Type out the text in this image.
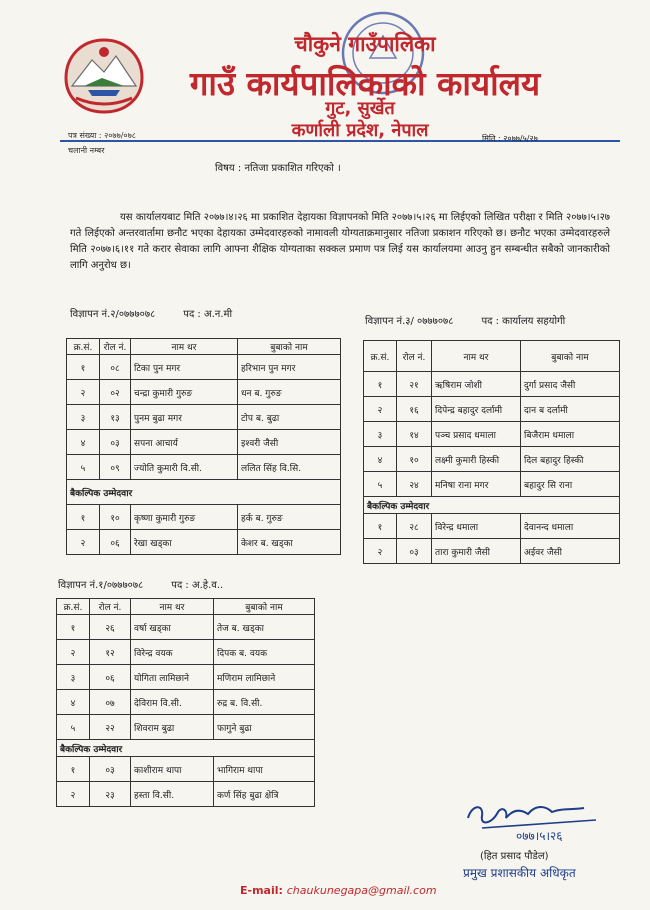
चौकुने गाउँपालिका
गाउँ कार्यपालिकाको कार्यालय
गुट, सुर्खेत
कर्णाली प्रदेश, नेपाल
पत्र संख्या : २०७७/०७८
चलानी नम्बर
मिति : २०७७/५/२७
विषय : नतिजा प्रकाशित गरिएको ।
यस कार्यालयबाट मिति २०७७।४।२६ मा प्रकाशित देहायका विज्ञापनको मिति २०७७।५।२६ मा लिईएको लिखित परीक्षा र मिति २०७७।५।२७ गते लिईएको अन्तरवार्तामा छनौट भएका देहायका उम्मेदवारहरुको नामावली योग्यताक्रमानुसार नतिजा प्रकाशन गरिएको छ। छनौट भएका उम्मेदवारहरुले मिति २०७७।६।११ गते करार सेवाका लागि आफ्ना शैक्षिक योग्यताका सक्कल प्रमाण पत्र लिई यस कार्यालयमा आउनु हुन सम्बन्धीत सबैको जानकारीको लागि अनुरोध छ।
विज्ञापन नं.२/०७७७०७८	पद : अ.न.मी
विज्ञापन नं.३/ ०७७७०७८	पद : कार्यालय सहयोगी
विज्ञापन नं.१/०७७७०७८	पद : अ.हे.व..
क्र.सं.	रोल नं.	नाम थर	बुबाको नाम
१	०८	टिका पुन मगर	हरिभान पुन मगर
२	०२	चन्द्रा कुमारी गुरुङ	धन ब. गुरुङ
३	१३	पुनम बुढा मगर	टोप ब. बुढा
४	०३	सपना आचार्य	इश्वरी जैसी
५	०९	ज्योति कुमारी वि.सी.	ललित सिंह वि.सि.
बैकल्पिक उम्मेदवार			
१	१०	कृष्णा कुमारी गुरुङ	हर्क ब. गुरुङ
२	०६	रेखा खड्का	केशर ब. खड्का
क्र.सं.	रोल नं.	नाम थर	बुबाको नाम
१	२१	ऋषिराम जोशी	दुर्गा प्रसाद जैसी
२	१६	दिपेन्द्र बहादुर दर्लामी	दान ब दर्लामी
३	१४	पञ्च प्रसाद धमाला	बिजैराम धमाला
४	१०	लक्ष्मी कुमारी हिस्की	दिल बहादुर हिस्की
५	२४	मनिषा राना मगर	बहादुर सि राना
बैकल्पिक उम्मेदवार			
१	२८	विरेन्द्र धमाला	देवानन्द धमाला
२	०३	तारा कुमारी जैसी	अईवर जैसी
क्र.सं.	रोल नं.	नाम थर	बुबाको नाम
१	२६	वर्षा खड्का	तेज ब. खड्का
२	१२	विरेन्द्र वयक	दिपक ब. वयक
३	०६	योगिता लामिछाने	मणिराम लामिछाने
४	०७	देविराम वि.सी.	रुद्र ब. वि.सी.
५	२२	शिवराम बुढा	फागुने बुढा
बैकल्पिक उम्मेदवार			
१	०३	काशीराम थापा	भागिराम थापा
२	२३	हस्ता वि.सी.	कर्ण सिंह बुढा क्षेत्रि
०७७।५।२६
(हित प्रसाद पौडेल)
प्रमुख प्रशासकीय अधिकृत
E-mail: chaukunegapa@gmail.com
